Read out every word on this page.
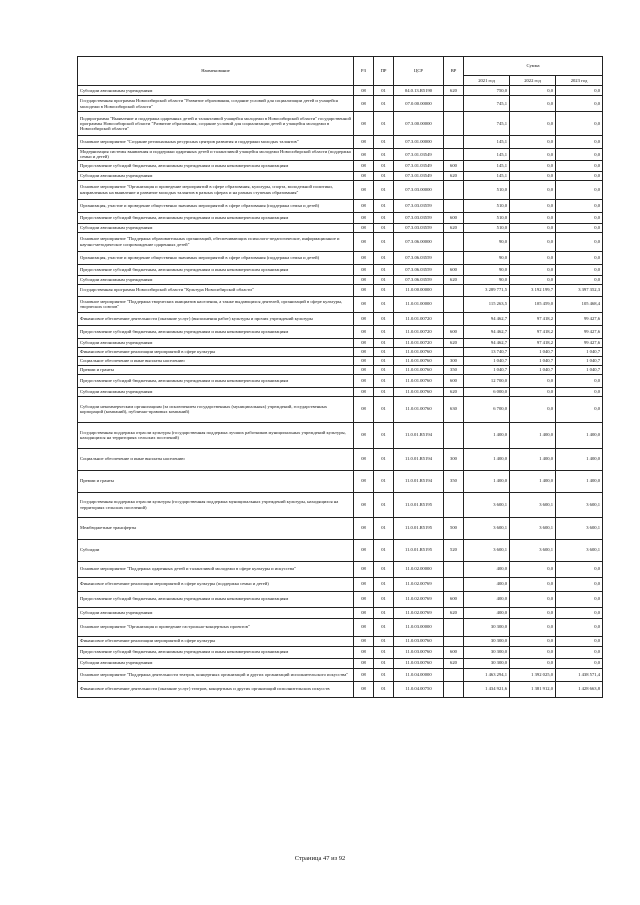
Наименование	РЗ	ПР	ЦСР	ВР	Сумма		
					2021 год	2022 год	2023 год
Субсидии автономным учреждениям	08	01	04.0.13.R5190	620	750,0	0,0	0,0
Государственная программа Новосибирской области "Развитие образования, создание условий для социализации детей и учащейся молодежи в Новосибирской области"	08	01	07.0.00.00000		745,1	0,0	0,0
Подпрограмма "Выявление и поддержка одаренных детей и талантливой учащейся молодежи в Новосибирской области" государственной программы Новосибирской области "Развитие образования, создание условий для социализации детей и учащейся молодежи в Новосибирской области"	08	01	07.3.00.00000		745,1	0,0	0,0
Основное мероприятие "Создание региональных ресурсных центров развития и поддержки молодых талантов"	08	01	07.3.01.00000		145,1	0,0	0,0
Модернизация системы выявления и поддержки одаренных детей и талантливой учащейся молодежи Новосибирской области (поддержка семьи и детей)	08	01	07.3.01.03549		145,1	0,0	0,0
Предоставление субсидий бюджетным, автономным учреждениям и иным некоммерческим организациям	08	01	07.3.01.03549	600	145,1	0,0	0,0
Субсидии автономным учреждениям	08	01	07.3.01.03549	620	145,1	0,0	0,0
Основное мероприятие "Организация и проведение мероприятий в сфере образования, культуры, спорта, молодежной политики, направленных на выявление и развитие молодых талантов в разных сферах и на разных ступенях образования"	08	01	07.3.03.00000		510,0	0,0	0,0
Организация, участие и проведение общественно значимых мероприятий в сфере образования (поддержка семьи и детей)	08	01	07.3.03.03559		510,0	0,0	0,0
Предоставление субсидий бюджетным, автономным учреждениям и иным некоммерческим организациям	08	01	07.3.03.03559	600	510,0	0,0	0,0
Субсидии автономным учреждениям	08	01	07.3.03.03559	620	510,0	0,0	0,0
Основное мероприятие "Поддержка образовательных организаций, обеспечивающих психолого-педагогическое, информационное и научно-методическое сопровождение одаренных детей"	08	01	07.3.06.00000		90,0	0,0	0,0
Организация, участие и проведение общественно значимых мероприятий в сфере образования (поддержка семьи и детей)	08	01	07.3.06.03559		90,0	0,0	0,0
Предоставление субсидий бюджетным, автономным учреждениям и иным некоммерческим организациям	08	01	07.3.06.03559	600	90,0	0,0	0,0
Субсидии автономным учреждениям	08	01	07.3.06.03559	620	90,0	0,0	0,0
Государственная программа Новосибирской области "Культура Новосибирской области"	08	01	11.0.00.00000		3 289 771,5	3 192 199,7	3 397 352,3
Основное мероприятие "Поддержка творческих инициатив населения, а также выдающихся деятелей, организаций в сфере культуры, творческих союзов"	08	01	11.0.01.00000		115 263,5	105 459,0	105 468,4
Финансовое обеспечение деятельности (оказание услуг) (выполнения работ) культуры и прочих учреждений культуры	08	01	11.0.01.00720		94 462,7	97 418,2	99 427,6
Предоставление субсидий бюджетным, автономным учреждениям и иным некоммерческим организациям	08	01	11.0.01.00720	600	94 462,7	97 418,2	99 427,6
Субсидии автономным учреждениям	08	01	11.0.01.00720	620	94 462,7	97 418,2	99 427,6
Финансовое обеспечение реализации мероприятий в сфере культуры	08	01	11.0.01.00760		13 740,7	1 040,7	1 040,7
Социальное обеспечение и иные выплаты населению	08	01	11.0.01.00760	300	1 040,7	1 040,7	1 040,7
Премии и гранты	08	01	11.0.01.00760	350	1 040,7	1 040,7	1 040,7
Предоставление субсидий бюджетным, автономным учреждениям и иным некоммерческим организациям	08	01	11.0.01.00760	600	12 700,0	0,0	0,0
Субсидии автономным учреждениям	08	01	11.0.01.00760	620	6 000,0	0,0	0,0
Субсидии некоммерческим организациям (за исключением государственных (муниципальных) учреждений, государственных корпораций (компаний), публично-правовых компаний)	08	01	11.0.01.00760	630	6 700,0	0,0	0,0
Государственная поддержка отрасли культуры (государственная поддержка лучших работников муниципальных учреждений культуры, находящихся на территориях сельских поселений)	08	01	11.0.01.R5194		1 400,0	1 400,0	1 400,0
Социальное обеспечение и иные выплаты населению	08	01	11.0.01.R5194	300	1 400,0	1 400,0	1 400,0
Премии и гранты	08	01	11.0.01.R5194	350	1 400,0	1 400,0	1 400,0
Государственная поддержка отрасли культуры (государственная поддержка муниципальных учреждений культуры, находящихся на территориях сельских поселений)	08	01	11.0.01.R5195		3 600,1	3 600,1	3 600,1
Межбюджетные трансферты	08	01	11.0.01.R5195	500	3 600,1	3 600,1	3 600,1
Субсидии	08	01	11.0.01.R5195	520	3 600,1	3 600,1	3 600,1
Основное мероприятие "Поддержка одаренных детей и талантливой молодежи в сфере культуры и искусства"	08	01	11.0.02.00000		400,0	0,0	0,0
Финансовое обеспечение реализации мероприятий в сфере культуры (поддержка семьи и детей)	08	01	11.0.02.00769		400,0	0,0	0,0
Предоставление субсидий бюджетным, автономным учреждениям и иным некоммерческим организациям	08	01	11.0.02.00769	600	400,0	0,0	0,0
Субсидии автономным учреждениям	08	01	11.0.02.00769	620	400,0	0,0	0,0
Основное мероприятие "Организация и проведение гастрольно-концертных проектов"	08	01	11.0.03.00000		30 300,0	0,0	0,0
Финансовое обеспечение реализации мероприятий в сфере культуры	08	01	11.0.03.00760		30 300,0	0,0	0,0
Предоставление субсидий бюджетным, автономным учреждениям и иным некоммерческим организациям	08	01	11.0.03.00760	600	30 300,0	0,0	0,0
Субсидии автономным учреждениям	08	01	11.0.03.00760	620	30 300,0	0,0	0,0
Основное мероприятие "Поддержка деятельности театров, концертных организаций и других организаций исполнительского искусства"	08	01	11.0.04.00000		1 463 294,1	1 392 025,0	1 438 571,4
Финансовое обеспечение деятельности (оказание услуг) театров, концертных и других организаций исполнительских искусств	08	01	11.0.04.00750		1 434 921,6	1 381 912,0	1 428 663,8
Страница 47 из 92
